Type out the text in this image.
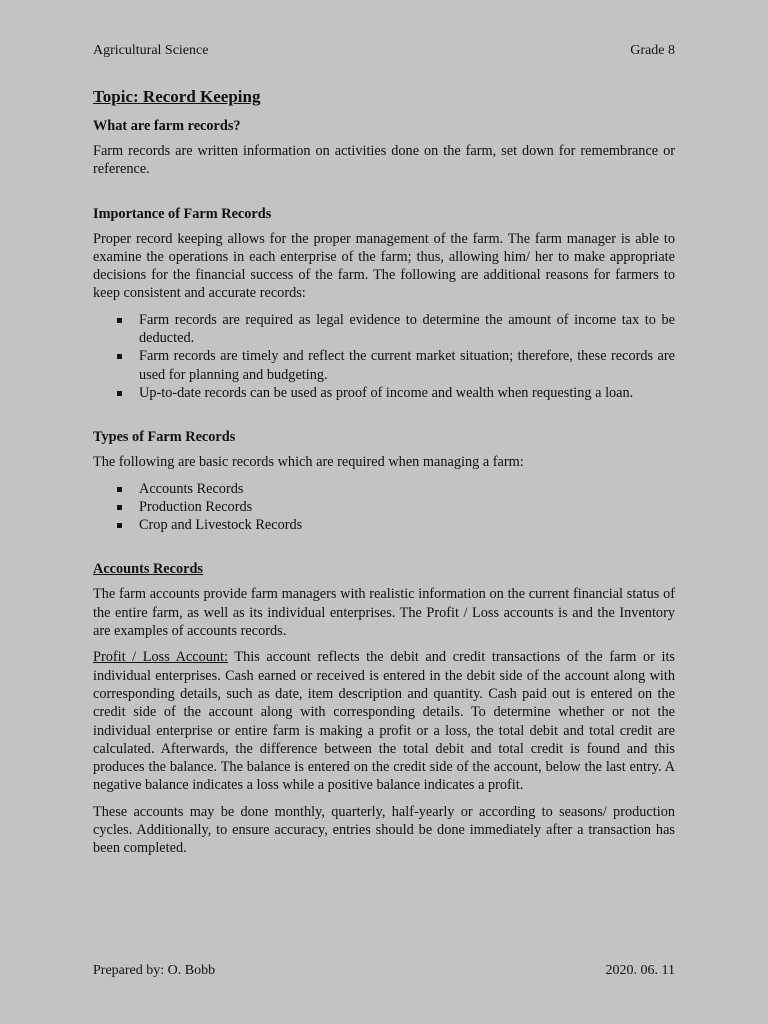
Agricultural Science	Grade 8
Topic: Record Keeping
What are farm records?

Farm records are written information on activities done on the farm, set down for remembrance or reference.

Importance of Farm Records

Proper record keeping allows for the proper management of the farm. The farm manager is able to examine the operations in each enterprise of the farm; thus, allowing him/ her to make appropriate decisions for the financial success of the farm. The following are additional reasons for farmers to keep consistent and accurate records:

Farm records are required as legal evidence to determine the amount of income tax to be deducted.
Farm records are timely and reflect the current market situation; therefore, these records are used for planning and budgeting.
Up-to-date records can be used as proof of income and wealth when requesting a loan.
Types of Farm Records

The following are basic records which are required when managing a farm:

Accounts Records
Production Records
Crop and Livestock Records
Accounts Records

The farm accounts provide farm managers with realistic information on the current financial status of the entire farm, as well as its individual enterprises. The Profit / Loss accounts is and the Inventory are examples of accounts records.

Profit / Loss Account: This account reflects the debit and credit transactions of the farm or its individual enterprises. Cash earned or received is entered in the debit side of the account along with corresponding details, such as date, item description and quantity. Cash paid out is entered on the credit side of the account along with corresponding details. To determine whether or not the individual enterprise or entire farm is making a profit or a loss, the total debit and total credit are calculated. Afterwards, the difference between the total debit and total credit is found and this produces the balance. The balance is entered on the credit side of the account, below the last entry. A negative balance indicates a loss while a positive balance indicates a profit.

These accounts may be done monthly, quarterly, half-yearly or according to seasons/ production cycles. Additionally, to ensure accuracy, entries should be done immediately after a transaction has been completed.

Prepared by: O. Bobb	2020. 06. 11
